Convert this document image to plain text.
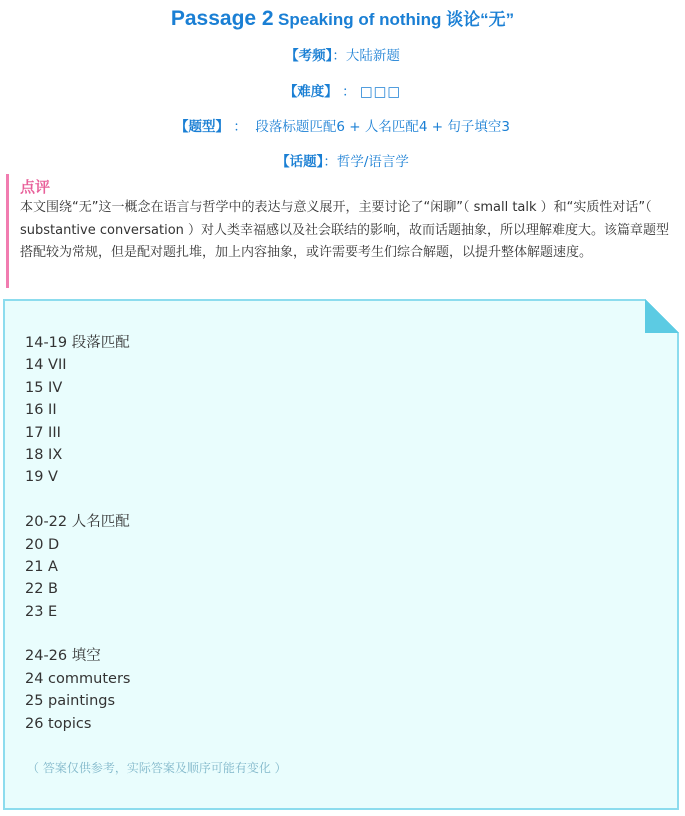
Passage 2 Speaking of nothing 谈论“无”
【考频】：大陆新题
【难度】 ： □□□
【题型】 ： 段落标题匹配6 + 人名匹配4 + 句子填空3
【话题】：哲学/语言学
点评

本文围绕“无”这一概念在语言与哲学中的表达与意义展开，主要讨论了“闲聊”（ small talk ）和“实质性对话”（ substantive conversation ）对人类幸福感以及社会联结的影响，故而话题抽象，所以理解难度大。该篇章题型搭配较为常规，但是配对题扎堆，加上内容抽象，或许需要考生们综合解题，以提升整体解题速度。

14-19 段落匹配
14 VII
15 IV
16 II
17 III
18 IX
19 V
20-22 人名匹配
20 D
21 A
22 B
23 E
24-26 填空
24 commuters
25 paintings
26 topics
（ 答案仅供参考，实际答案及顺序可能有变化 ）
